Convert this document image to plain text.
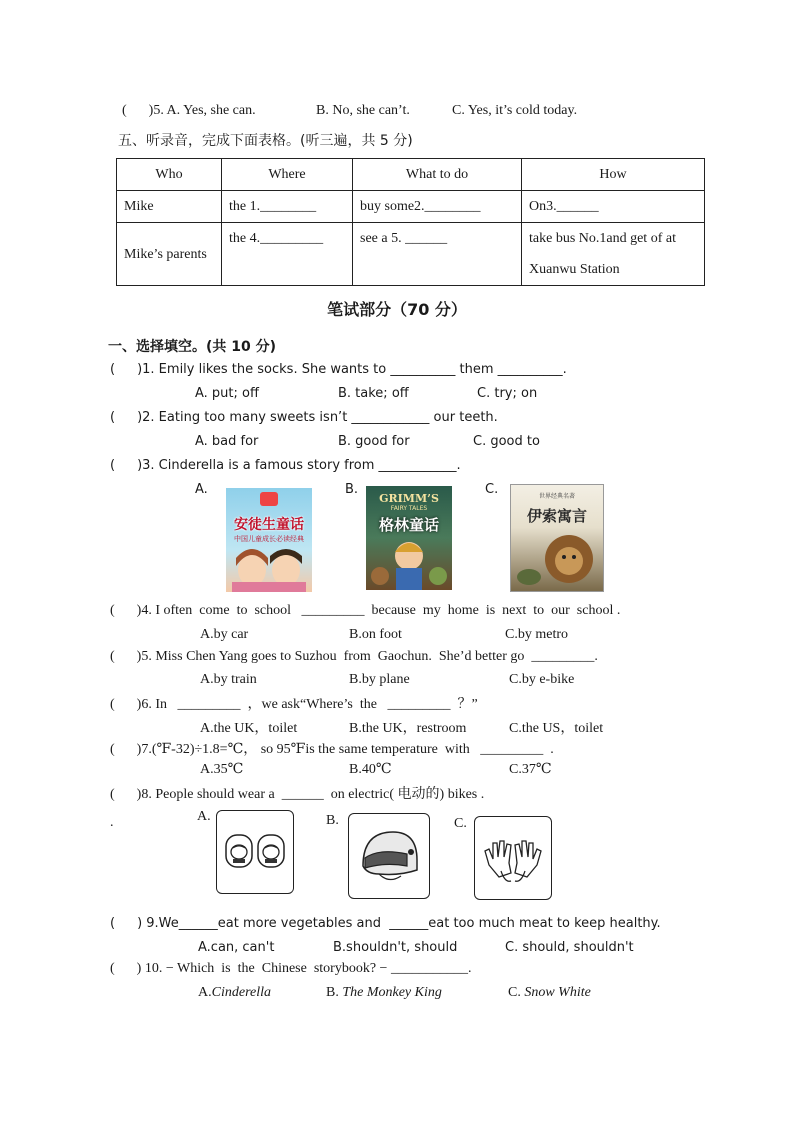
( )5. A. Yes, she can.	B. No, she can’t.	C. Yes, it’s cold today.
五、听录音，完成下面表格。(听三遍，共 5 分)
Who	Where	What to do	How
Mike	the 1.________	buy some2.________	On3.______
Mike’s parents	the 4._________	see a 5. ______	take bus No.1and get of at Xuanwu Station
笔试部分（70 分）
一、选择填空。(共 10 分)
( )1. Emily likes the socks. She wants to __________ them __________.
A. put; off	B. take; off	C. try; on
( )2. Eating too many sweets isn’t ____________ our teeth.
A. bad for	B. good for	C. good to
( )3. Cinderella is a famous story from ____________.
A.	B.	C.
安徒生童话
中国儿童成长必读经典
GRIMM’S
FAIRY TALES
格林童话
世界经典名著
伊索寓言
( )4. I often  come  to  school   _________  because  my  home  is  next  to  our  school .
A.by car	B.on foot	C.by metro
( )5. Miss Chen Yang goes to Suzhou  from  Gaochun.  She’d better go  _________.
A.by train	B.by plane	C.by e-bike
( )6. In   _________  ，we ask“Where’s  the   _________  ？”
A.the UK，toilet	B.the UK，restroom	C.the US，toilet
( )7.(℉-32)÷1.8=℃， so 95℉is the same temperature  with   _________  .
A.35℃	B.40℃	C.37℃
( )8. People should wear a  ______  on electric( 电动的) bikes .
.	A.	B.	C.
( ) 9.We______eat more vegetables and  ______eat too much meat to keep healthy.
A.can, can't	B.shouldn't, should	C. should, shouldn't
( ) 10. − Which  is  the  Chinese  storybook? − ___________.
A.Cinderella	B. The Monkey King	C. Snow White
